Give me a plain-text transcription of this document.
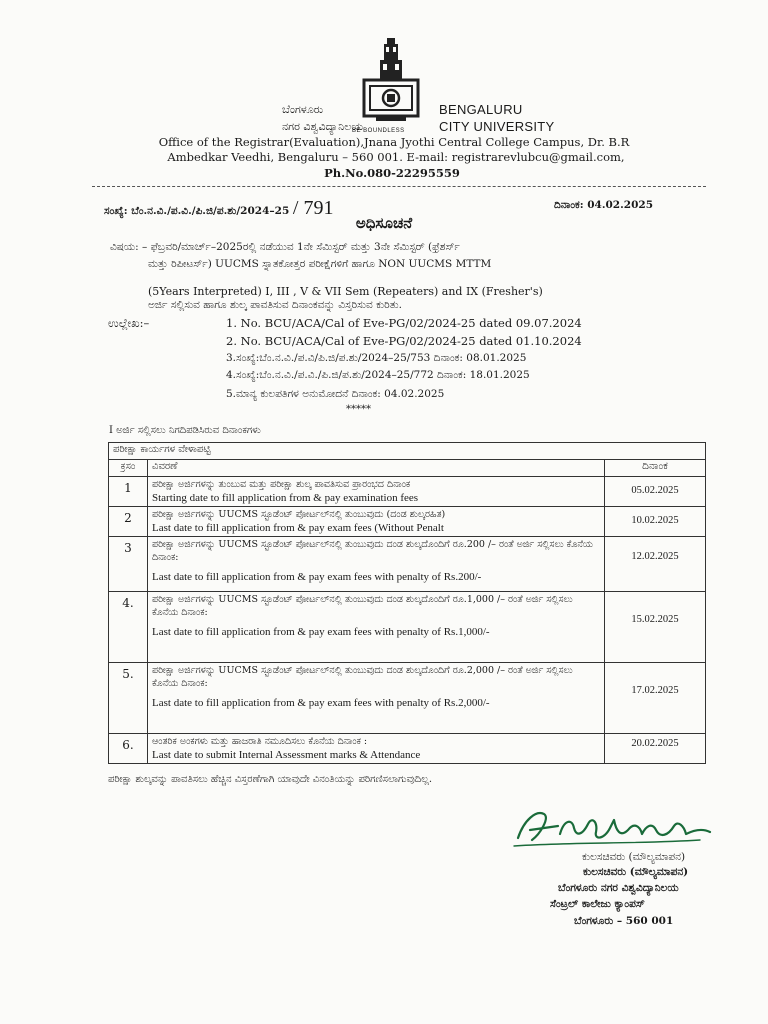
ಬೆಂಗಳೂರು
ನಗರ ವಿಶ್ವವಿದ್ಯಾನಿಲಯ
BENGALURU
CITY UNIVERSITY
BE BOUNDLESS
Office of the Registrar(Evaluation),Jnana Jyothi Central College Campus, Dr. B.R
Ambedkar Veedhi, Bengaluru – 560 001. E-mail: registrarevlubcu@gmail.com,
Ph.No.080-22295559
ಸಂಖ್ಯೆ: ಬೆಂ.ನ.ವಿ./ಪ.ವಿ./ಪಿ.ಜಿ/ಪ.ಶು/2024–25 / 791	ದಿನಾಂಕ: 04.02.2025
ಅಧಿಸೂಚನೆ
ವಿಷಯ: – ಫೆಬ್ರವರಿ/ಮಾರ್ಚ್–2025ರಲ್ಲಿ ನಡೆಯುವ 1ನೇ ಸೆಮಿಸ್ಟರ್ ಮತ್ತು 3ನೇ ಸೆಮಿಸ್ಟರ್ (ಫ್ರೆಶರ್ಸ್
ಮತ್ತು ರಿಪೀಟರ್ಸ್) UUCMS ಸ್ನಾತಕೋತ್ತರ ಪರೀಕ್ಷೆಗಳಿಗೆ ಹಾಗೂ NON UUCMS MTTM
(5Years Interpreted) I, III , V & VII Sem (Repeaters) and IX (Fresher's)
ಅರ್ಜಿ ಸಲ್ಲಿಸುವ ಹಾಗೂ ಶುಲ್ಕ ಪಾವತಿಸುವ ದಿನಾಂಕವನ್ನು ವಿಸ್ತರಿಸುವ ಕುರಿತು.
ಉಲ್ಲೇಖ:–	1. No. BCU/ACA/Cal of Eve-PG/02/2024-25 dated 09.07.2024
2. No. BCU/ACA/Cal of Eve-PG/02/2024-25 dated 01.10.2024
3.ಸಂಖ್ಯೆ:ಬೆಂ.ನ.ವಿ./ಪ.ವಿ/ಪಿ.ಜಿ/ಪ.ಶು/2024–25/753 ದಿನಾಂಕ: 08.01.2025
4.ಸಂಖ್ಯೆ:ಬೆಂ.ನ.ವಿ./ಪ.ವಿ./ಪಿ.ಜಿ/ಪ.ಶು/2024–25/772 ದಿನಾಂಕ: 18.01.2025
5.ಮಾನ್ಯ ಕುಲಪತಿಗಳ ಅನುಮೋದನೆ ದಿನಾಂಕ: 04.02.2025
*****
I ಅರ್ಜಿ ಸಲ್ಲಿಸಲು ನಿಗದಿಪಡಿಸಿರುವ ದಿನಾಂಕಗಳು
ಪರೀಕ್ಷಾ ಕಾರ್ಯಗಳ ವೇಳಾಪಟ್ಟಿ		
ಕ್ರಸಂ	ವಿವರಣೆ	ದಿನಾಂಕ
1	ಪರೀಕ್ಷಾ ಅರ್ಜಿಗಳನ್ನು ತುಂಬುವ ಮತ್ತು ಪರೀಕ್ಷಾ ಶುಲ್ಕ ಪಾವತಿಸುವ ಪ್ರಾರಂಭದ ದಿನಾಂಕ
Starting date to fill application from & pay examination fees	05.02.2025
2	ಪರೀಕ್ಷಾ ಅರ್ಜಿಗಳನ್ನು UUCMS ಸ್ಟೂಡೆಂಟ್ ಪೋರ್ಟಲ್‌ನಲ್ಲಿ ತುಂಬುವುದು (ದಂಡ ಶುಲ್ಕರಹಿತ)
Last date to fill application from & pay exam fees (Without Penalt	10.02.2025
3	ಪರೀಕ್ಷಾ ಅರ್ಜಿಗಳನ್ನು UUCMS ಸ್ಟೂಡೆಂಟ್ ಪೋರ್ಟಲ್‌ನಲ್ಲಿ ತುಂಬುವುದು ದಂಡ ಶುಲ್ಕದೊಂದಿಗೆ ರೂ.200 /– ರಂತೆ ಅರ್ಜಿ ಸಲ್ಲಿಸಲು ಕೊನೆಯ ದಿನಾಂಕ:
Last date to fill application from & pay exam fees with penalty of Rs.200/-	12.02.2025
4.	ಪರೀಕ್ಷಾ ಅರ್ಜಿಗಳನ್ನು UUCMS ಸ್ಟೂಡೆಂಟ್ ಪೋರ್ಟಲ್‌ನಲ್ಲಿ ತುಂಬುವುದು ದಂಡ ಶುಲ್ಕದೊಂದಿಗೆ ರೂ.1,000 /– ರಂತೆ ಅರ್ಜಿ ಸಲ್ಲಿಸಲು ಕೊನೆಯ ದಿನಾಂಕ:
Last date to fill application from & pay exam fees with penalty of Rs.1,000/-	15.02.2025
5.	ಪರೀಕ್ಷಾ ಅರ್ಜಿಗಳನ್ನು UUCMS ಸ್ಟೂಡೆಂಟ್ ಪೋರ್ಟಲ್‌ನಲ್ಲಿ ತುಂಬುವುದು ದಂಡ ಶುಲ್ಕದೊಂದಿಗೆ ರೂ.2,000 /– ರಂತೆ ಅರ್ಜಿ ಸಲ್ಲಿಸಲು ಕೊನೆಯ ದಿನಾಂಕ:
Last date to fill application from & pay exam fees with penalty of Rs.2,000/-	17.02.2025
6.	ಆಂತರಿಕ ಅಂಕಗಳು ಮತ್ತು ಹಾಜರಾತಿ ನಮೂದಿಸಲು ಕೊನೆಯ ದಿನಾಂಕ :
Last date to submit Internal Assessment marks & Attendance	20.02.2025
ಪರೀಕ್ಷಾ ಶುಲ್ಕವನ್ನು ಪಾವತಿಸಲು ಹೆಚ್ಚಿನ ವಿಸ್ತರಣೆಗಾಗಿ ಯಾವುದೇ ವಿನಂತಿಯನ್ನು ಪರಿಗಣಿಸಲಾಗುವುದಿಲ್ಲ.
ಕುಲಸಚಿವರು (ಮೌಲ್ಯಮಾಪನ)
ಕುಲಸಚಿವರು (ಮೌಲ್ಯಮಾಪನ)
ಬೆಂಗಳೂರು ನಗರ ವಿಶ್ವವಿದ್ಯಾನಿಲಯ
ಸೆಂಟ್ರಲ್ ಕಾಲೇಜು ಕ್ಯಾಂಪಸ್
ಬೆಂಗಳೂರು – 560 001
